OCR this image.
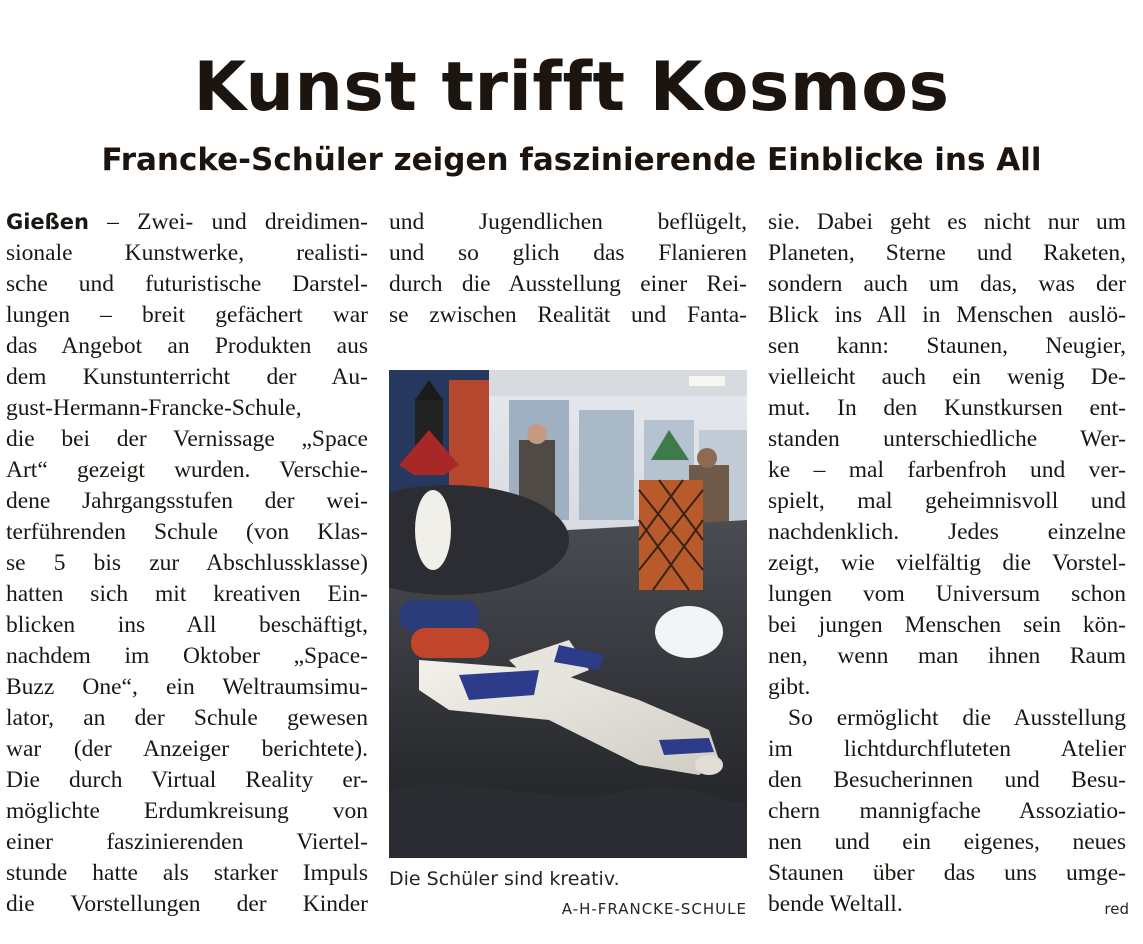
Kunst trifft Kosmos
Francke-Schüler zeigen faszinierende Einblicke ins All
Gießen – Zwei- und dreidimen-
sionale Kunstwerke, realisti-
sche und futuristische Darstel-
lungen – breit gefächert war
das Angebot an Produkten aus
dem Kunstunterricht der Au-
gust-Hermann-Francke-Schule,
die bei der Vernissage „Space
Art“ gezeigt wurden. Verschie-
dene Jahrgangsstufen der wei-
terführenden Schule (von Klas-
se 5 bis zur Abschlussklasse)
hatten sich mit kreativen Ein-
blicken ins All beschäftigt,
nachdem im Oktober „Space-
Buzz One“, ein Weltraumsimu-
lator, an der Schule gewesen
war (der Anzeiger berichtete).
Die durch Virtual Reality er-
möglichte Erdumkreisung von
einer faszinierenden Viertel-
stunde hatte als starker Impuls
die Vorstellungen der Kinder
und Jugendlichen beflügelt,
und so glich das Flanieren
durch die Ausstellung einer Rei-
se zwischen Realität und Fanta-
Die Schüler sind kreativ.
A-H-FRANCKE-SCHULE
sie. Dabei geht es nicht nur um
Planeten, Sterne und Raketen,
sondern auch um das, was der
Blick ins All in Menschen auslö-
sen kann: Staunen, Neugier,
vielleicht auch ein wenig De-
mut. In den Kunstkursen ent-
standen unterschiedliche Wer-
ke – mal farbenfroh und ver-
spielt, mal geheimnisvoll und
nachdenklich. Jedes einzelne
zeigt, wie vielfältig die Vorstel-
lungen vom Universum schon
bei jungen Menschen sein kön-
nen, wenn man ihnen Raum
gibt.
So ermöglicht die Ausstellung
im lichtdurchfluteten Atelier
den Besucherinnen und Besu-
chern mannigfache Assoziatio-
nen und ein eigenes, neues
Staunen über das uns umge-
bende Weltall.	red
